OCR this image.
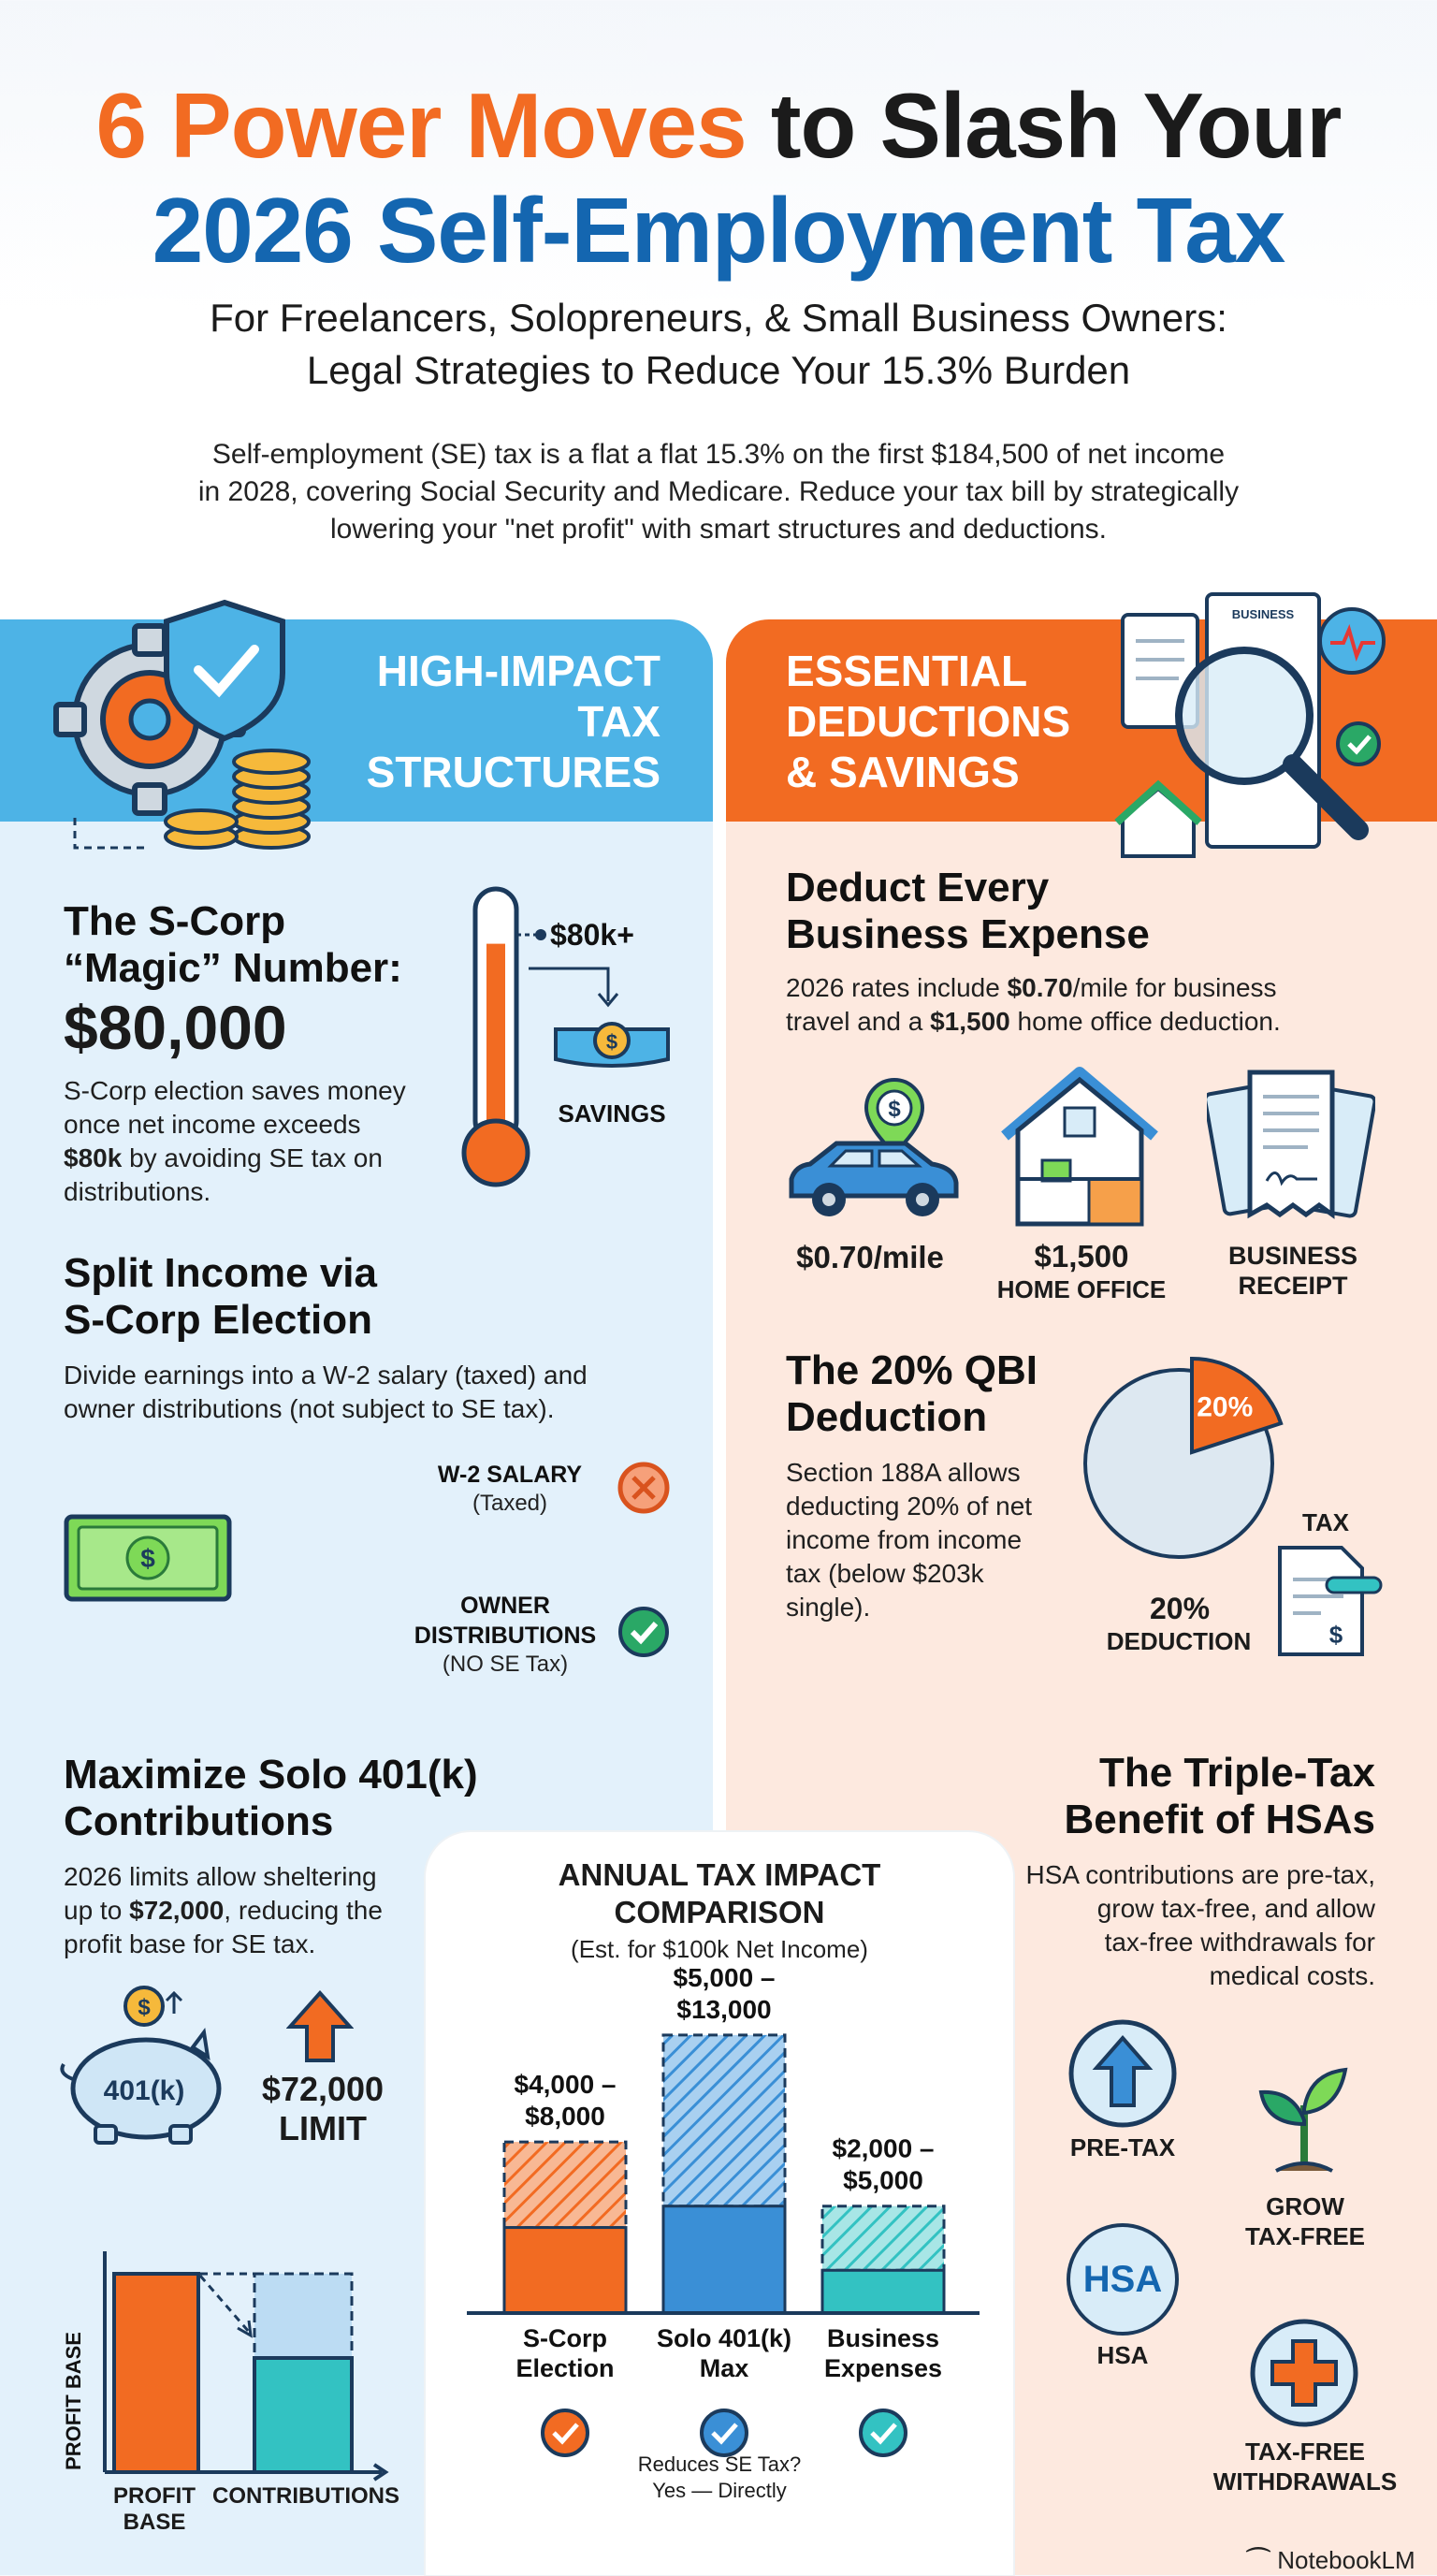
6 Power Moves to Slash Your
2026 Self-Employment Tax
For Freelancers, Solopreneurs, & Small Business Owners:
Legal Strategies to Reduce Your 15.3% Burden
Self-employment (SE) tax is a flat a flat 15.3% on the first $184,500 of net income
in 2028, covering Social Security and Medicare. Reduce your tax bill by strategically
lowering your "net profit" with smart structures and deductions.
HIGH-IMPACT
TAX
STRUCTURES
ESSENTIAL
DEDUCTIONS
& SAVINGS
BUSINESS
The S-Corp
“Magic” Number:
$80,000
S-Corp election saves money
once net income exceeds
$80k by avoiding SE tax on
distributions.
$80k+
$
SAVINGS
Split Income via
S-Corp Election
Divide earnings into a W-2 salary (taxed) and
owner distributions (not subject to SE tax).
$
W-2 SALARY
(Taxed)
OWNER
DISTRIBUTIONS
(NO SE Tax)
Maximize Solo 401(k)
Contributions
2026 limits allow sheltering
up to $72,000, reducing the
profit base for SE tax.
$
401(k)	$72,000
LIMIT
PROFIT BASE
PROFIT
BASE
CONTRIBUTIONS
Deduct Every
Business Expense
2026 rates include $0.70/mile for business
travel and a $1,500 home office deduction.
$
$0.70/mile	$1,500
HOME OFFICE
BUSINESS
RECEIPT
The 20% QBI
Deduction
Section 188A allows
deducting 20% of net
income from income
tax (below $203k
single).
20%
20%
DEDUCTION
TAX
$
The Triple-Tax
Benefit of HSAs
HSA contributions are pre-tax,
grow tax-free, and allow
tax-free withdrawals for
medical costs.
PRE-TAX
GROW
TAX-FREE
HSA
HSA
TAX-FREE
WITHDRAWALS
ANNUAL TAX IMPACT
COMPARISON
(Est. for $100k Net Income)
$4,000 –
$8,000
S-Corp
Election
$5,000 –
$13,000
Solo 401(k)
Max
$2,000 –
$5,000
Business
Expenses
Reduces SE Tax?
Yes — Directly
⌒ NotebookLM
